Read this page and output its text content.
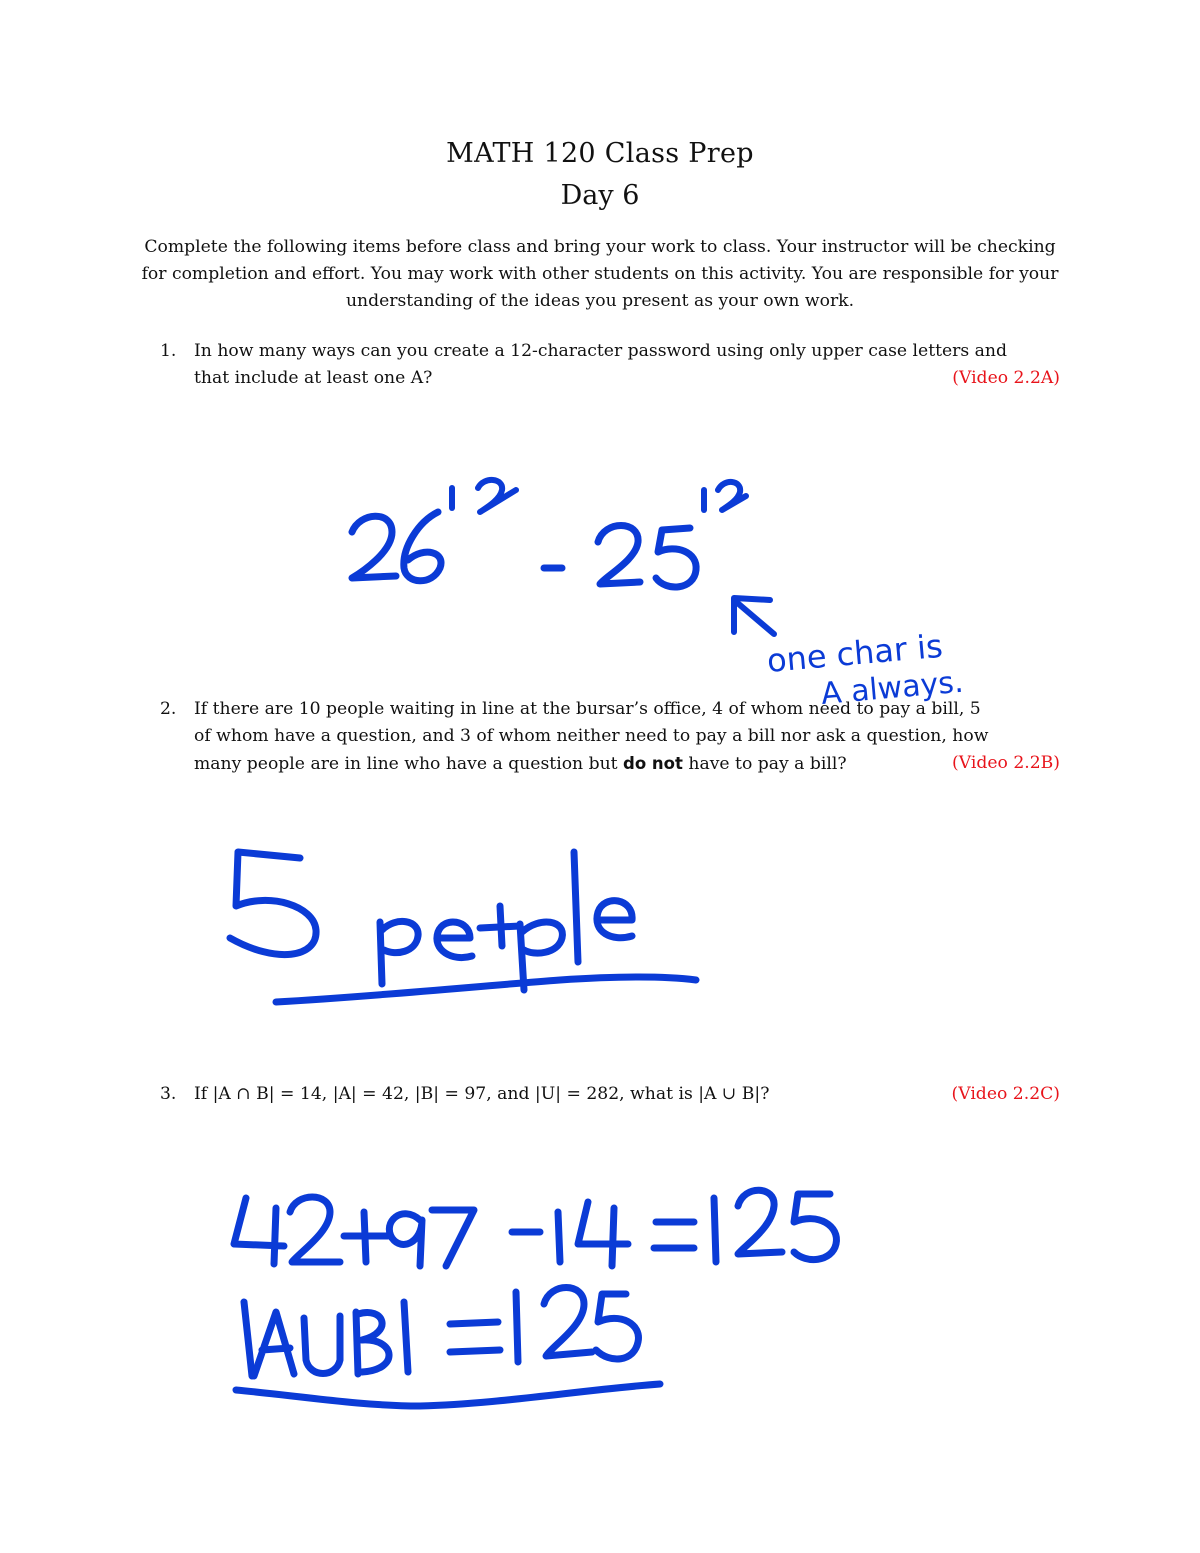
MATH 120 Class Prep
Day 6
Complete the following items before class and bring your work to class. Your instructor will be checking for completion and effort. You may work with other students on this activity. You are responsible for your understanding of the ideas you present as your own work.
1. In how many ways can you create a 12-character password using only upper case letters and
that include at least one A?	(Video 2.2A)
2. If there are 10 people waiting in line at the bursar’s office, 4 of whom need to pay a bill, 5
of whom have a question, and 3 of whom neither need to pay a bill nor ask a question, how
many people are in line who have a question but do not have to pay a bill?	(Video 2.2B)
3. If |A ∩ B| = 14, |A| = 42, |B| = 97, and |U| = 282, what is |A ∪ B|?	(Video 2.2C)
one char is
A always.
